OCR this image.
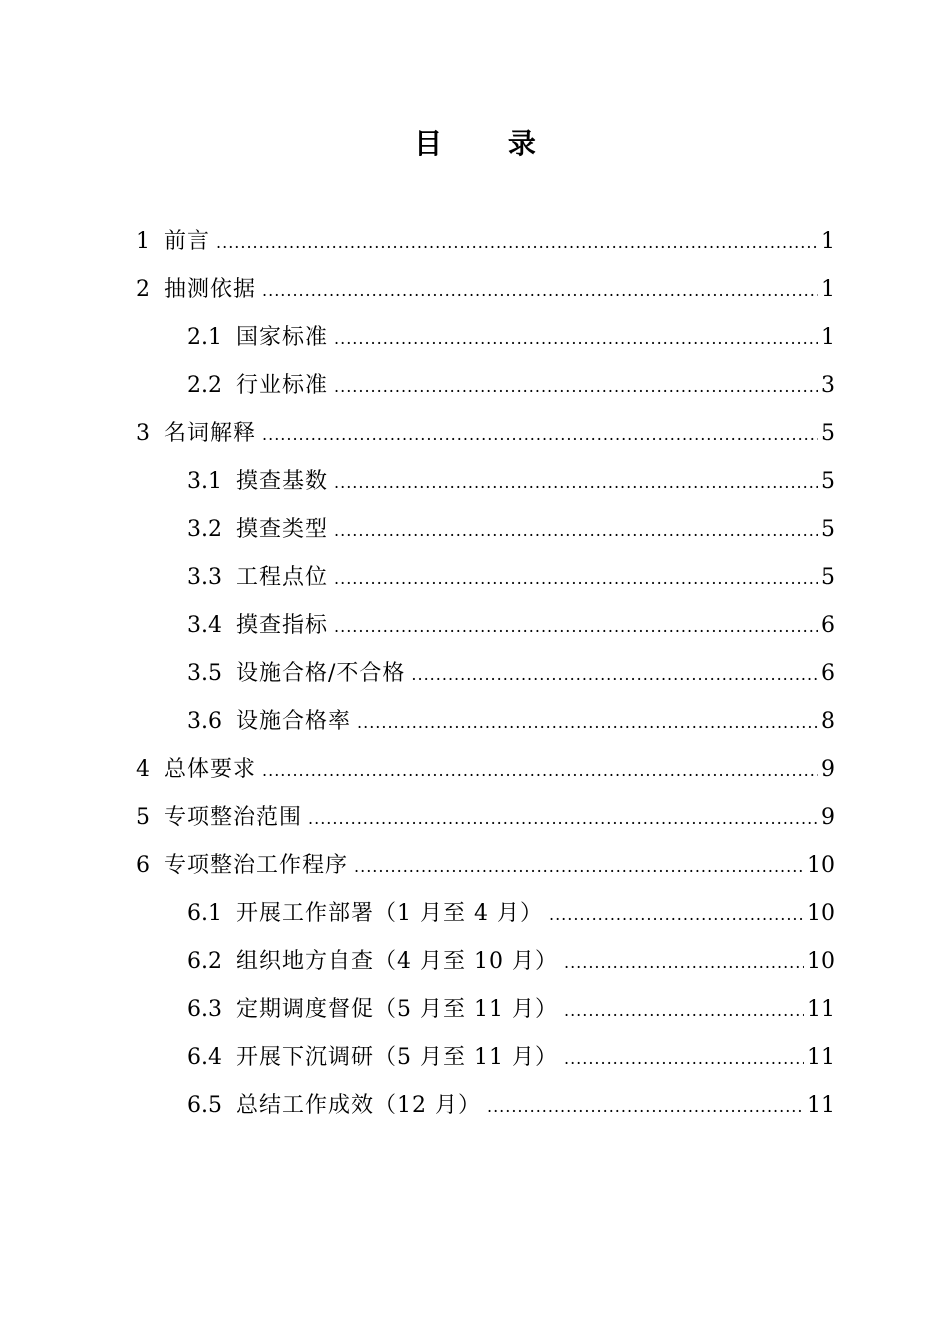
目 录
1 前言 .....	1
2 抽测依据 .....	1
2.1 国家标准 .....	1
2.2 行业标准 .....	3
3 名词解释 .....	5
3.1 摸查基数 .....	5
3.2 摸查类型 .....	5
3.3 工程点位 .....	5
3.4 摸查指标 .....	6
3.5 设施合格/不合格 .....	6
3.6 设施合格率 .....	8
4 总体要求 .....	9
5 专项整治范围 .....	9
6 专项整治工作程序 .....	10
6.1 开展工作部署（1 月至 4 月） .....	10
6.2 组织地方自查（4 月至 10 月） .....	10
6.3 定期调度督促（5 月至 11 月） .....	11
6.4 开展下沉调研（5 月至 11 月） .....	11
6.5 总结工作成效（12 月） .....	11
